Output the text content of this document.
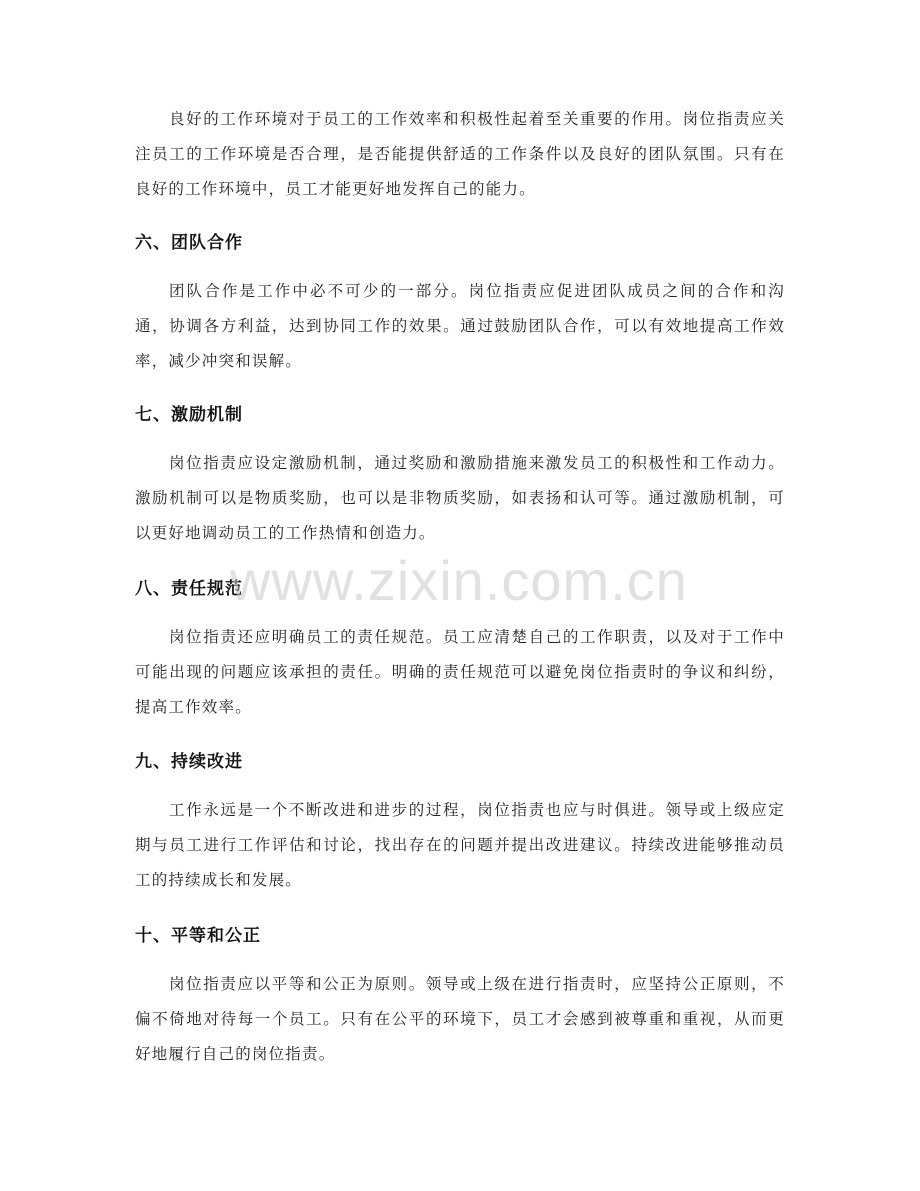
良好的工作环境对于员工的工作效率和积极性起着至关重要的作用。岗位指责应关注员工的工作环境是否合理，是否能提供舒适的工作条件以及良好的团队氛围。只有在良好的工作环境中，员工才能更好地发挥自己的能力。

六、团队合作

团队合作是工作中必不可少的一部分。岗位指责应促进团队成员之间的合作和沟通，协调各方利益，达到协同工作的效果。通过鼓励团队合作，可以有效地提高工作效率，减少冲突和误解。

七、激励机制

岗位指责应设定激励机制，通过奖励和激励措施来激发员工的积极性和工作动力。激励机制可以是物质奖励，也可以是非物质奖励，如表扬和认可等。通过激励机制，可以更好地调动员工的工作热情和创造力。

八、责任规范

岗位指责还应明确员工的责任规范。员工应清楚自己的工作职责，以及对于工作中可能出现的问题应该承担的责任。明确的责任规范可以避免岗位指责时的争议和纠纷，提高工作效率。

九、持续改进

工作永远是一个不断改进和进步的过程，岗位指责也应与时俱进。领导或上级应定期与员工进行工作评估和讨论，找出存在的问题并提出改进建议。持续改进能够推动员工的持续成长和发展。

十、平等和公正

岗位指责应以平等和公正为原则。领导或上级在进行指责时，应坚持公正原则，不偏不倚地对待每一个员工。只有在公平的环境下，员工才会感到被尊重和重视，从而更好地履行自己的岗位指责。

www.zixin.com.cn
